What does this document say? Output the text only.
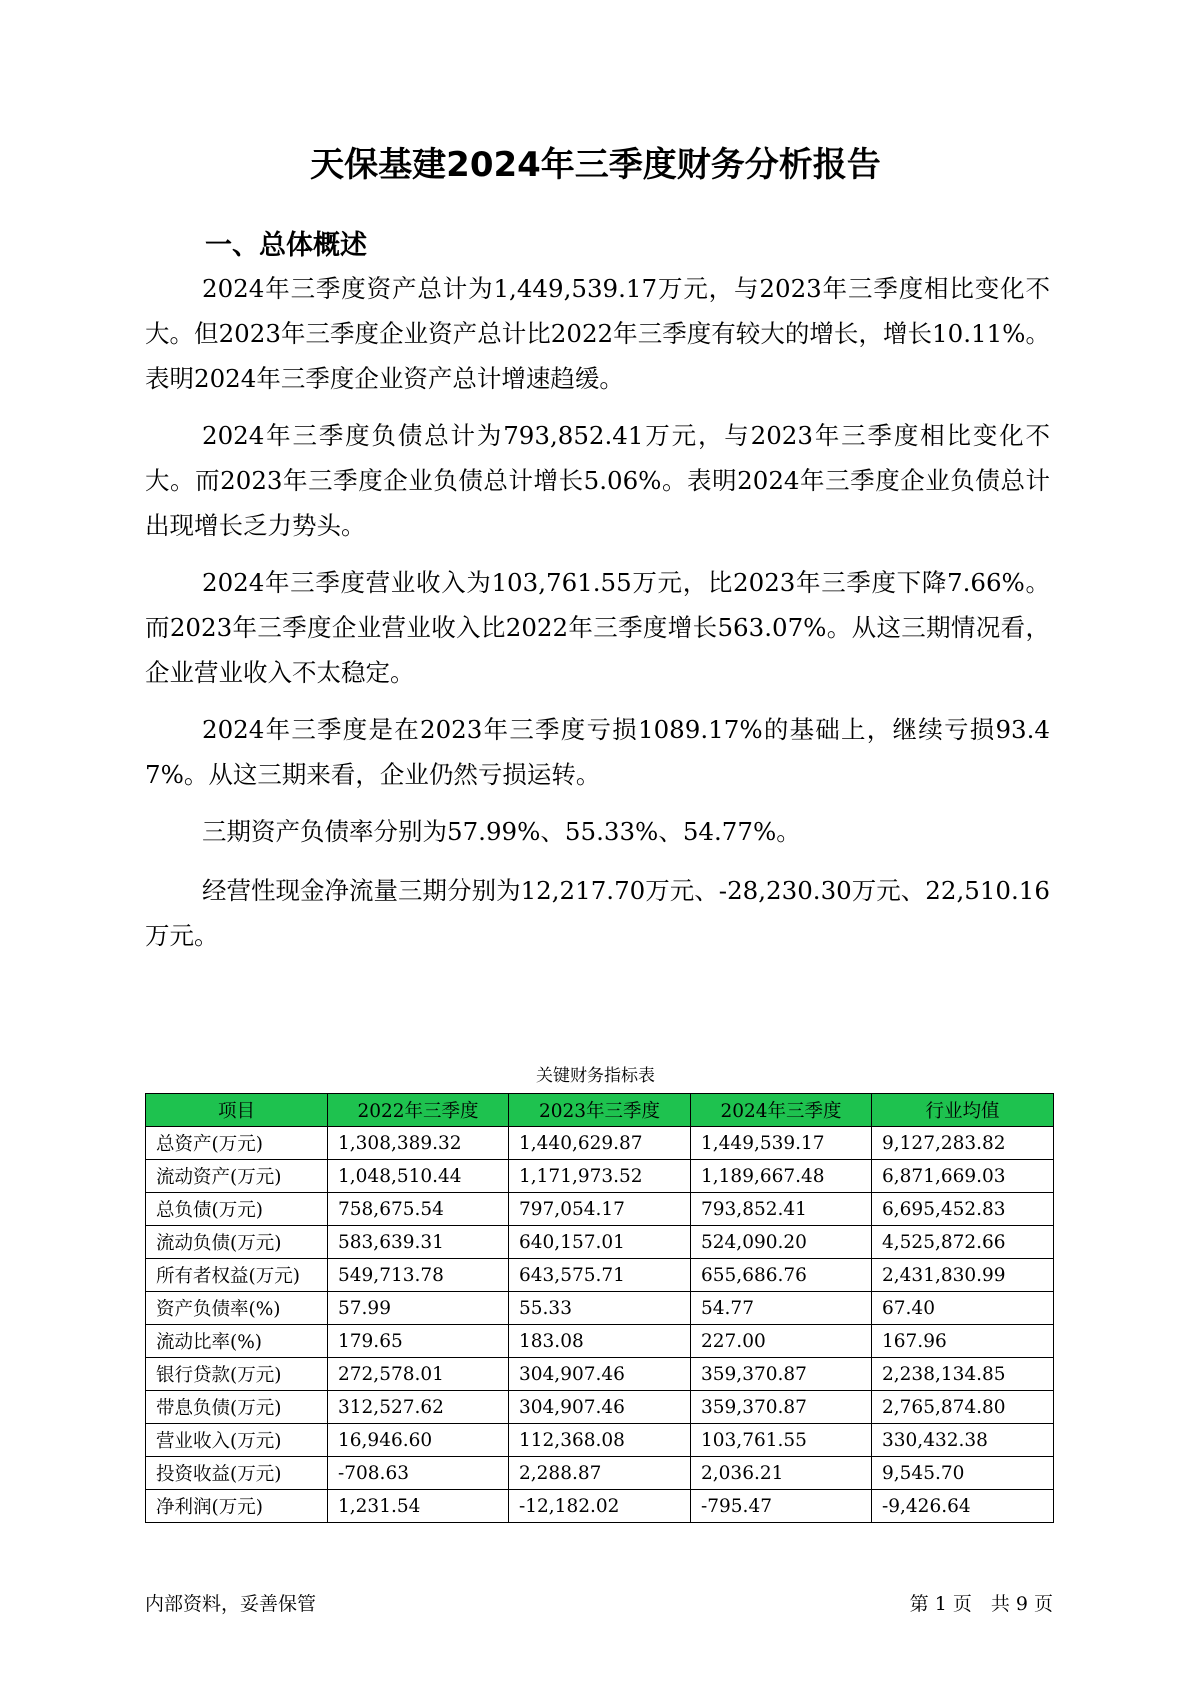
天保基建2024年三季度财务分析报告
一、总体概述

2024年三季度资产总计为1,449,539.17万元，与2023年三季度相比变化不大。但2023年三季度企业资产总计比2022年三季度有较大的增长，增长10.11%。表明2024年三季度企业资产总计增速趋缓。

2024年三季度负债总计为793,852.41万元，与2023年三季度相比变化不大。而2023年三季度企业负债总计增长5.06%。表明2024年三季度企业负债总计出现增长乏力势头。

2024年三季度营业收入为103,761.55万元，比2023年三季度下降7.66%。而2023年三季度企业营业收入比2022年三季度增长563.07%。从这三期情况看，企业营业收入不太稳定。

2024年三季度是在2023年三季度亏损1089.17%的基础上，继续亏损93.47%。从这三期来看，企业仍然亏损运转。

三期资产负债率分别为57.99%、55.33%、54.77%。

经营性现金净流量三期分别为12,217.70万元、-28,230.30万元、22,510.16万元。

关键财务指标表
项目	2022年三季度	2023年三季度	2024年三季度	行业均值
总资产(万元)	1,308,389.32	1,440,629.87	1,449,539.17	9,127,283.82
流动资产(万元)	1,048,510.44	1,171,973.52	1,189,667.48	6,871,669.03
总负债(万元)	758,675.54	797,054.17	793,852.41	6,695,452.83
流动负债(万元)	583,639.31	640,157.01	524,090.20	4,525,872.66
所有者权益(万元)	549,713.78	643,575.71	655,686.76	2,431,830.99
资产负债率(%)	57.99	55.33	54.77	67.40
流动比率(%)	179.65	183.08	227.00	167.96
银行贷款(万元)	272,578.01	304,907.46	359,370.87	2,238,134.85
带息负债(万元)	312,527.62	304,907.46	359,370.87	2,765,874.80
营业收入(万元)	16,946.60	112,368.08	103,761.55	330,432.38
投资收益(万元)	-708.63	2,288.87	2,036.21	9,545.70
净利润(万元)	1,231.54	-12,182.02	-795.47	-9,426.64
内部资料，妥善保管	第 1 页　共 9 页
